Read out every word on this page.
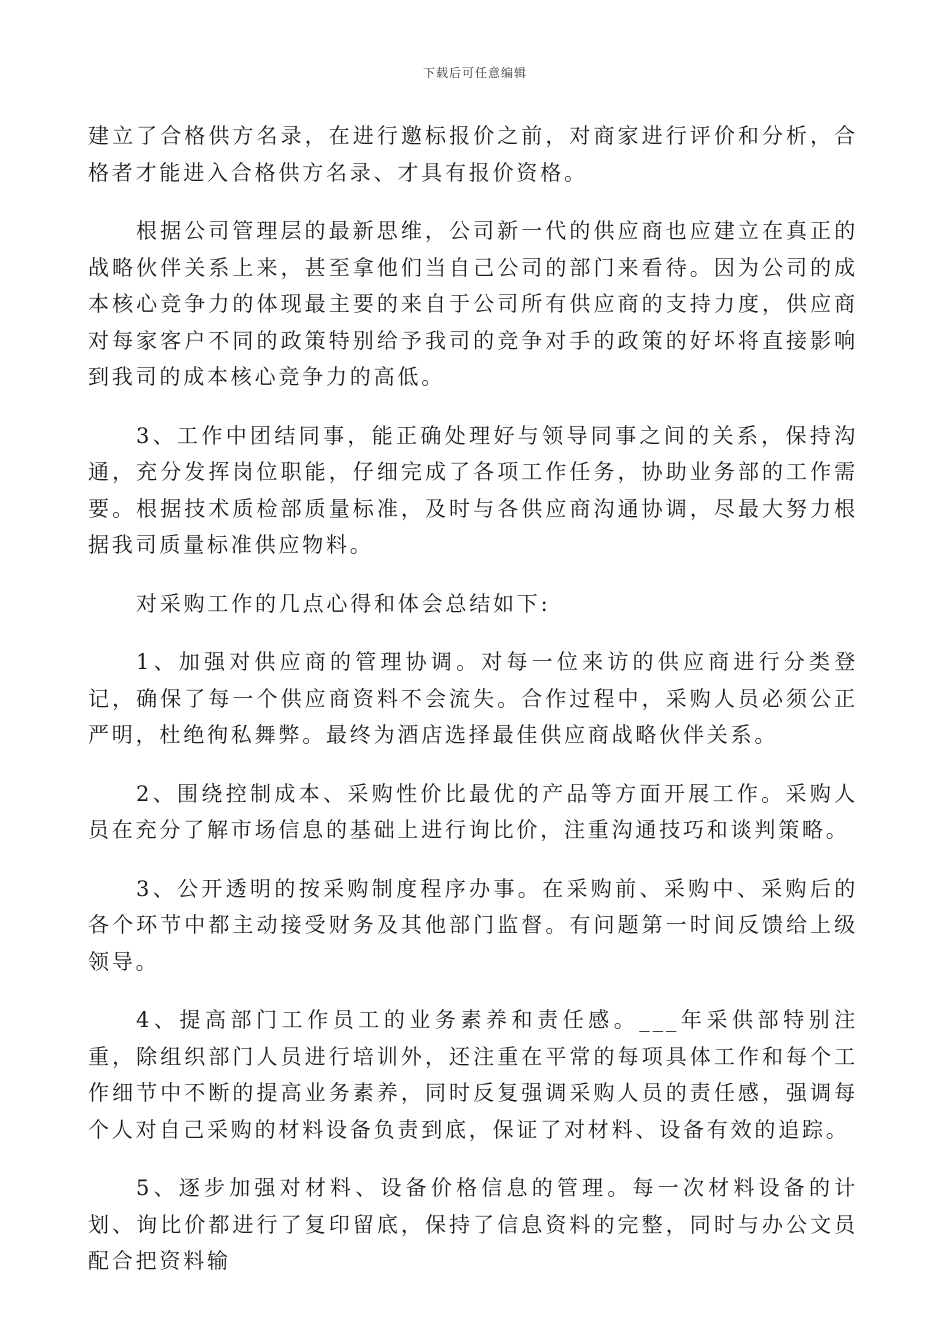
下载后可任意编辑

建立了合格供方名录，在进行邀标报价之前，对商家进行评价和分析，合格者才能进入合格供方名录、才具有报价资格。

根据公司管理层的最新思维，公司新一代的供应商也应建立在真正的战略伙伴关系上来，甚至拿他们当自己公司的部门来看待。因为公司的成本核心竞争力的体现最主要的来自于公司所有供应商的支持力度，供应商对每家客户不同的政策特别给予我司的竞争对手的政策的好坏将直接影响到我司的成本核心竞争力的高低。

3、工作中团结同事，能正确处理好与领导同事之间的关系，保持沟通，充分发挥岗位职能，仔细完成了各项工作任务，协助业务部的工作需要。根据技术质检部质量标准，及时与各供应商沟通协调，尽最大努力根据我司质量标准供应物料。

对采购工作的几点心得和体会总结如下:

1、加强对供应商的管理协调。对每一位来访的供应商进行分类登记，确保了每一个供应商资料不会流失。合作过程中，采购人员必须公正严明，杜绝徇私舞弊。最终为酒店选择最佳供应商战略伙伴关系。

2、围绕控制成本、采购性价比最优的产品等方面开展工作。采购人员在充分了解市场信息的基础上进行询比价，注重沟通技巧和谈判策略。

3、公开透明的按采购制度程序办事。在采购前、采购中、采购后的各个环节中都主动接受财务及其他部门监督。有问题第一时间反馈给上级领导。

4、提高部门工作员工的业务素养和责任感。___年采供部特别注重，除组织部门人员进行培训外，还注重在平常的每项具体工作和每个工作细节中不断的提高业务素养，同时反复强调采购人员的责任感，强调每个人对自己采购的材料设备负责到底，保证了对材料、设备有效的追踪。

5、逐步加强对材料、设备价格信息的管理。每一次材料设备的计划、询比价都进行了复印留底，保持了信息资料的完整，同时与办公文员配合把资料输
